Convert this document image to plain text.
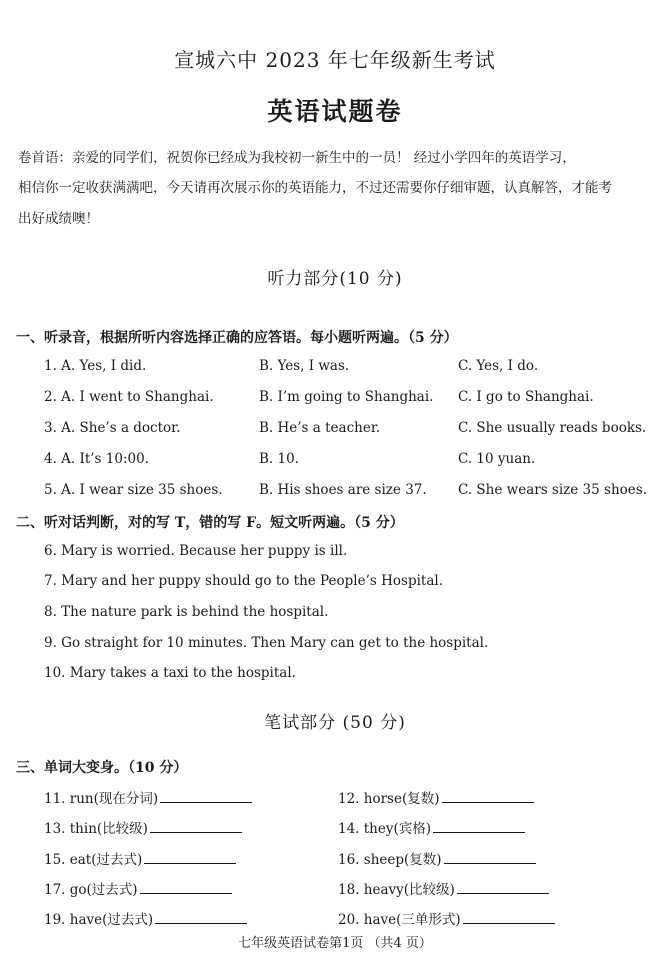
宣城六中 2023 年七年级新生考试
英语试题卷
卷首语：亲爱的同学们，祝贺你已经成为我校初一新生中的一员！ 经过小学四年的英语学习，
相信你一定收获满满吧，今天请再次展示你的英语能力，不过还需要你仔细审题，认真解答，才能考
出好成绩噢！
听力部分(10 分)
一、听录音，根据所听内容选择正确的应答语。每小题听两遍。（5 分）
1. A. Yes, I did.	B. Yes, I was.	C. Yes, I do.
2. A. I went to Shanghai.	B. I’m going to Shanghai. C. I go to Shanghai.
3. A. She’s a doctor.	B. He’s a teacher.	C. She usually reads books.
4. A. It’s 10:00.	B. 10.	C. 10 yuan.
5. A. I wear size 35 shoes.	B. His shoes are size 37. C. She wears size 35 shoes.
二、听对话判断，对的写 T，错的写 F。短文听两遍。（5 分）
6. Mary is worried. Because her puppy is ill.
7. Mary and her puppy should go to the People’s Hospital.
8. The nature park is behind the hospital.
9. Go straight for 10 minutes. Then Mary can get to the hospital.
10. Mary takes a taxi to the hospital.
笔试部分 (50 分)
三、单词大变身。（10 分）
11. run(现在分词)	12. horse(复数)
13. thin(比较级)	14. they(宾格)
15. eat(过去式)	16. sheep(复数)
17. go(过去式)	18. heavy(比较级)
19. have(过去式)	20. have(三单形式)
七年级英语试卷第1页 （共4 页）
